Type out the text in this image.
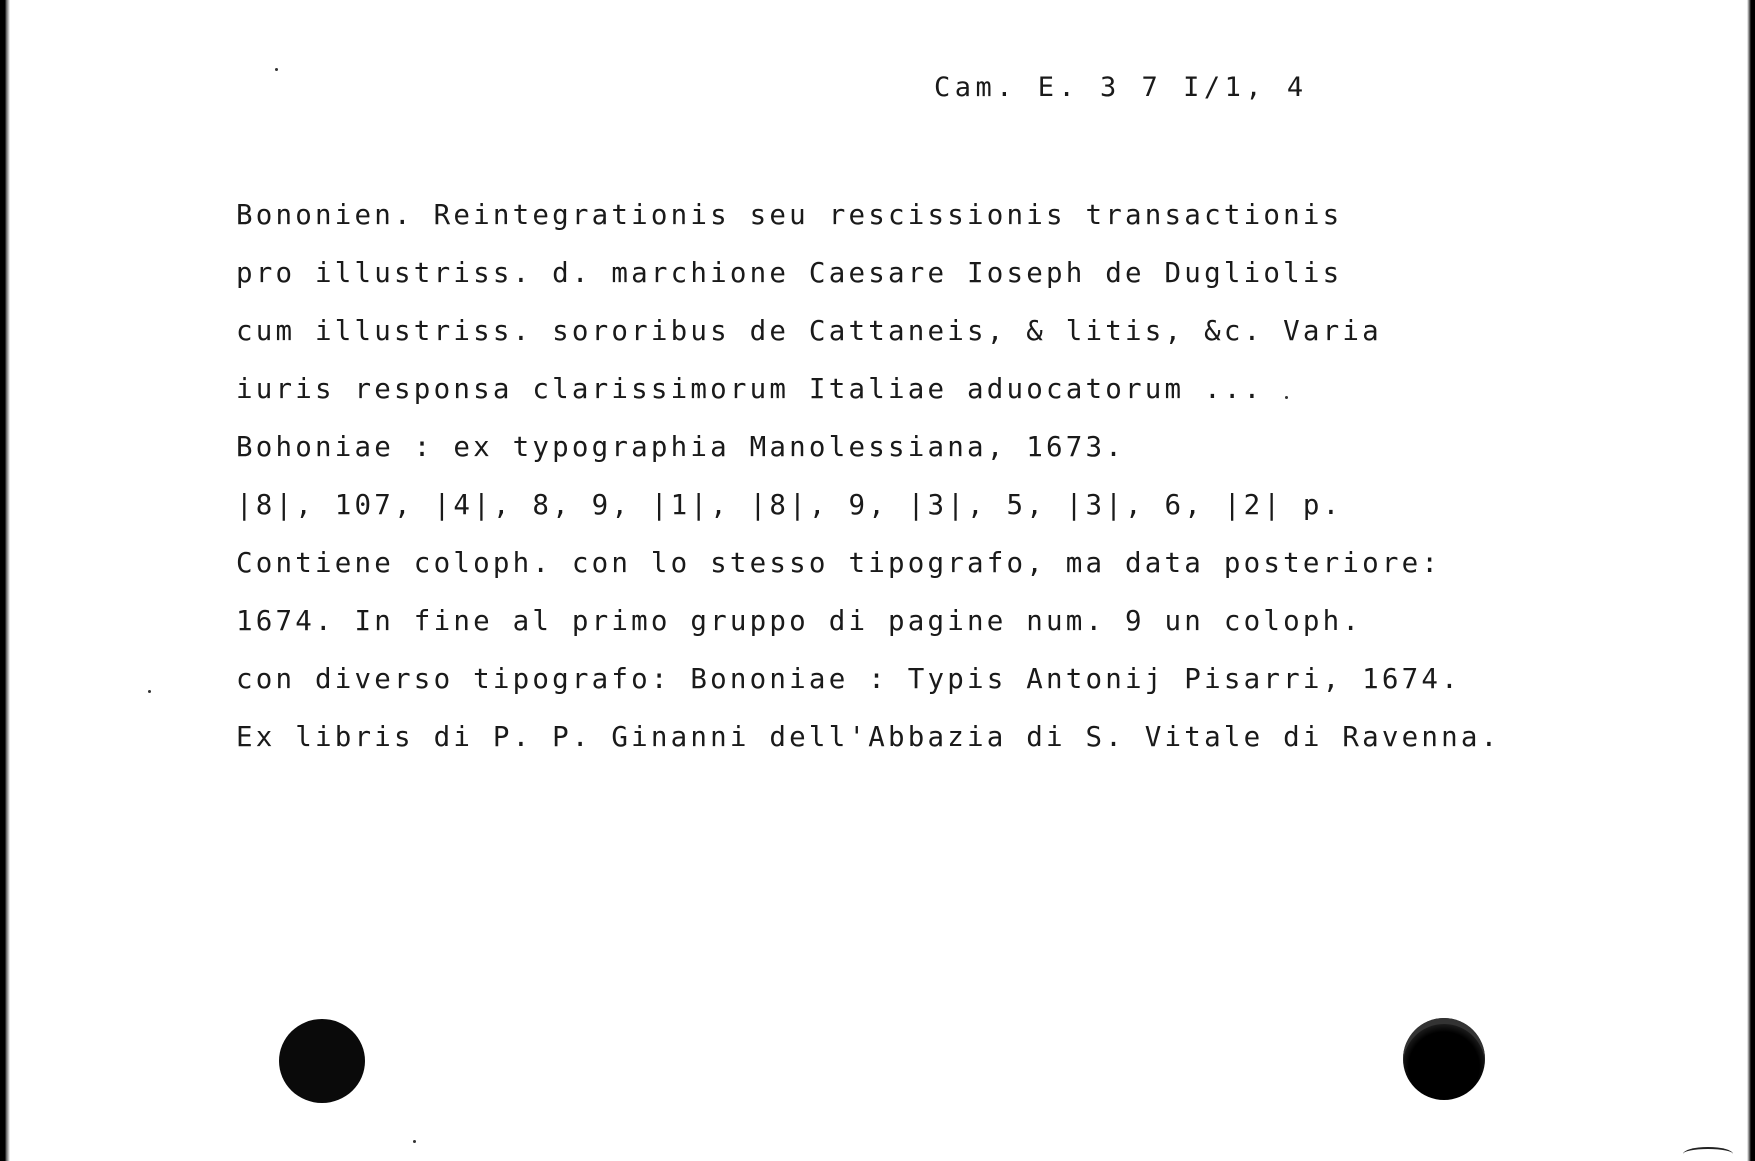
Cam. E. 3 7 I/1, 4
Bononien. Reintegrationis seu rescissionis transactionis
pro illustriss. d. marchione Caesare Ioseph de Dugliolis
cum illustriss. sororibus de Cattaneis, & litis, &c. Varia
iuris responsa clarissimorum Italiae aduocatorum ...
Bohoniae : ex typographia Manolessiana, 1673.
|8|, 107, |4|, 8, 9, |1|, |8|, 9, |3|, 5, |3|, 6, |2| p.
Contiene coloph. con lo stesso tipografo, ma data posteriore:
1674. In fine al primo gruppo di pagine num. 9 un coloph.
con diverso tipografo: Bononiae : Typis Antonij Pisarri, 1674.
Ex libris di P. P. Ginanni dell'Abbazia di S. Vitale di Ravenna.
